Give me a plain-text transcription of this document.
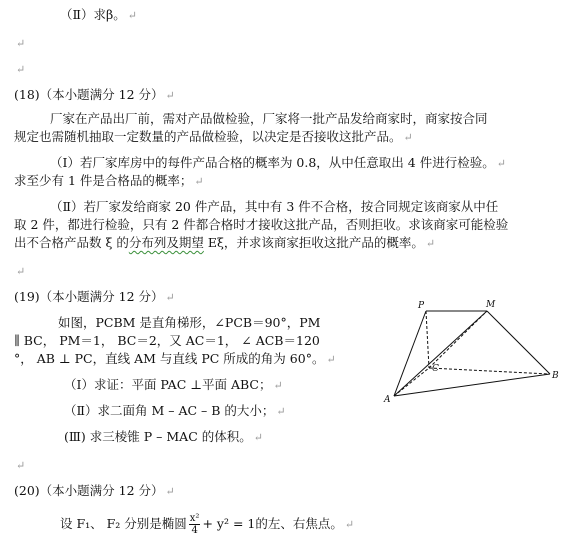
（Ⅱ）求β。 ↵
↵
↵
(18)（本小题满分 12 分） ↵
厂家在产品出厂前，需对产品做检验，厂家将一批产品发给商家时，商家按合同
规定也需随机抽取一定数量的产品做检验，以决定是否接收这批产品。 ↵
（Ⅰ）若厂家库房中的每件产品合格的概率为 0.8，从中任意取出 4 件进行检验。 ↵
求至少有 1 件是合格品的概率； ↵
（Ⅱ）若厂家发给商家 20 件产品，其中有 3 件不合格，按合同规定该商家从中任
取 2 件，都进行检验，只有 2 件都合格时才接收这批产品，否则拒收。求该商家可能检验
出不合格产品数 ξ 的分布列及期望 Eξ，并求该商家拒收这批产品的概率。 ↵
↵
(19)（本小题满分 12 分） ↵
如图，PCBM 是直角梯形，∠PCB＝90°，PM
∥ BC， PM＝1， BC＝2，又 AC＝1， ∠ ACB＝120
°， AB ⊥ PC，直线 AM 与直线 PC 所成的角为 60°。 ↵
（Ⅰ）求证：平面 PAC ⊥平面 ABC； ↵
（Ⅱ）求二面角 M – AC – B 的大小； ↵
(Ⅲ) 求三棱锥 P – MAC 的体积。 ↵
↵
(20)（本小题满分 12 分） ↵
设 F₁、 F₂ 分别是椭圆 $\frac{\text{x²}}{4} + y^2 = 1$的左、右焦点。 ↵
P	M
C
A
B
